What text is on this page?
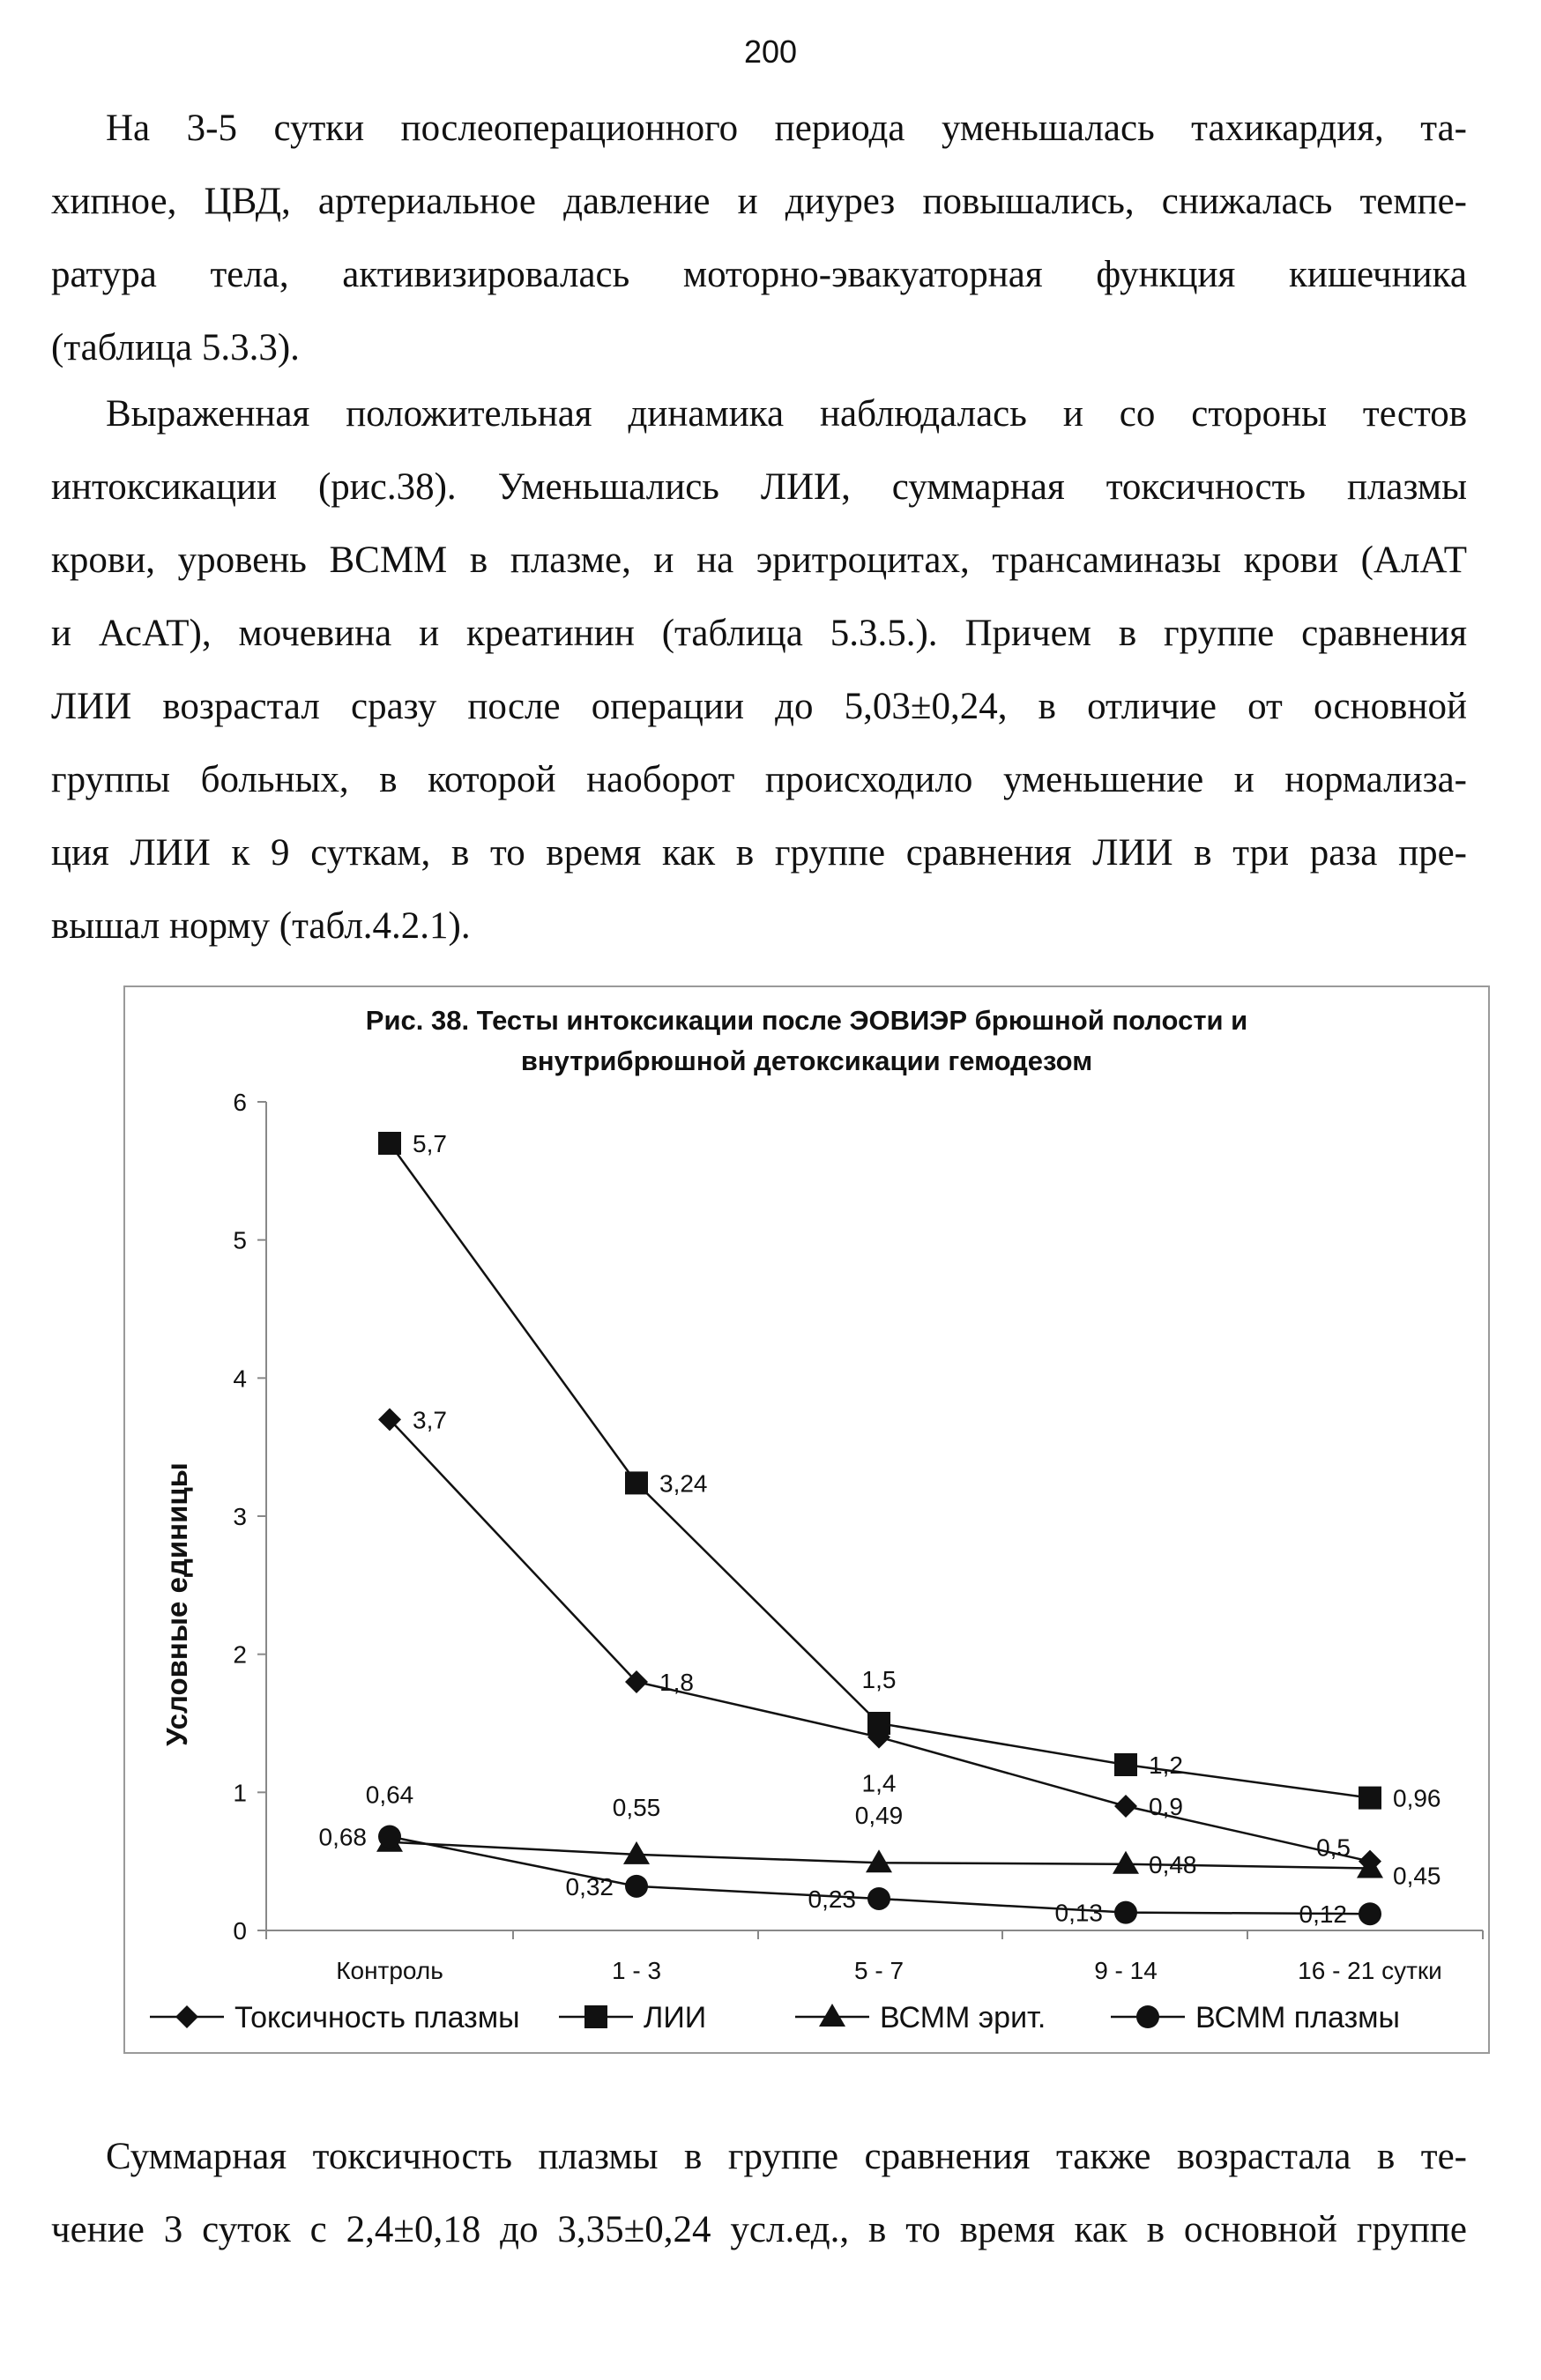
200
На 3-5 сутки послеоперационного периода уменьшалась тахикардия, та-
хипное, ЦВД, артериальное давление и диурез повышались, снижалась темпе-
ратура тела, активизировалась моторно-эвакуаторная функция кишечника
(таблица 5.3.3).
Выраженная положительная динамика наблюдалась и со стороны тестов
интоксикации (рис.38). Уменьшались ЛИИ, суммарная токсичность плазмы
крови, уровень ВСММ в плазме, и на эритроцитах, трансаминазы крови (АлАТ
и АсАТ), мочевина и креатинин (таблица 5.3.5.). Причем в группе сравнения
ЛИИ возрастал сразу после операции до 5,03±0,24, в отличие от основной
группы больных, в которой наоборот происходило уменьшение и нормализа-
ция ЛИИ к 9 суткам, в то время как в группе сравнения ЛИИ в три раза пре-
вышал норму (табл.4.2.1).
Рис. 38. Тесты интоксикации после ЭОВИЭР брюшной полости и
внутрибрюшной детоксикации гемодезом
Условные единицы
0
1
2
3
4
5
6
Контроль	1 - 3	5 - 7	9 - 14	16 - 21 сутки
3,7
1,8
1,4
0,9
0,5
5,7
3,24
1,5
1,2
0,96
0,64	0,55	0,49
0,48	0,45
0,68
0,32	0,23
0,13	0,12
Токсичность плазмы	ЛИИ	ВСММ эрит.	ВСММ плазмы
Суммарная токсичность плазмы в группе сравнения также возрастала в те-
чение 3 суток с 2,4±0,18 до 3,35±0,24 усл.ед., в то время как в основной группе
